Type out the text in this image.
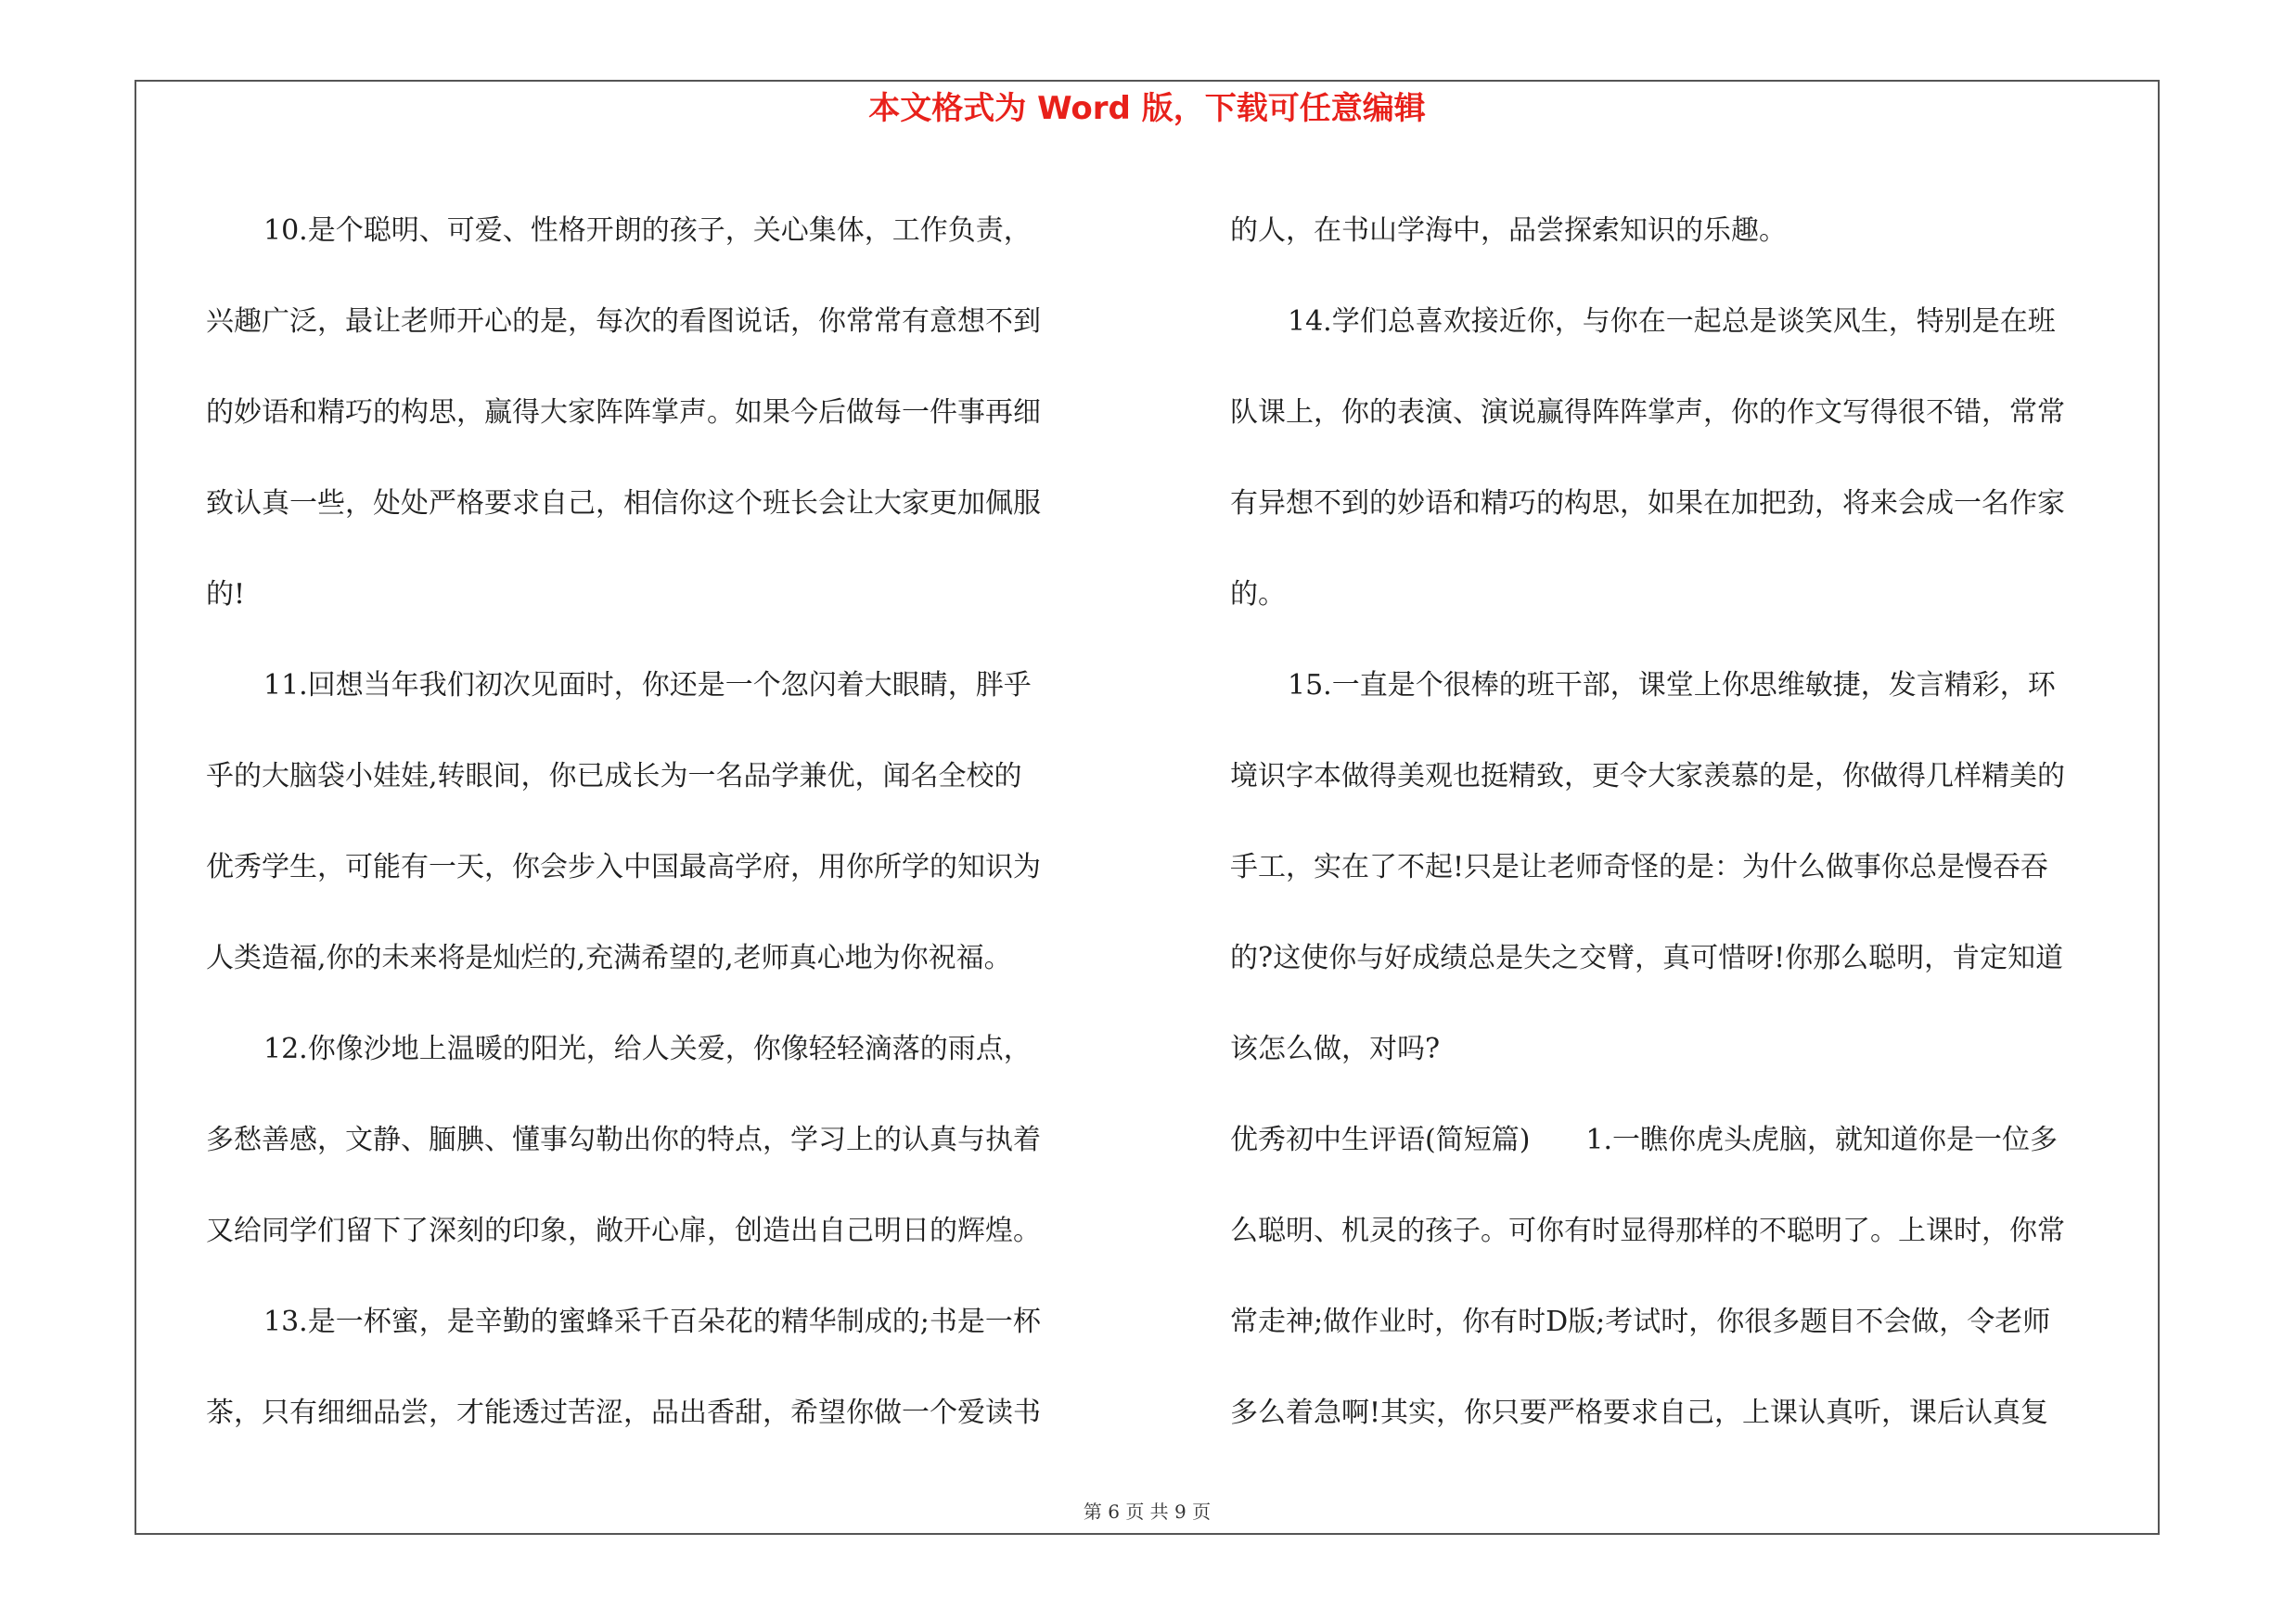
本文格式为 Word 版，下载可任意编辑
10.是个聪明、可爱、性格开朗的孩子，关心集体，工作负责，
兴趣广泛，最让老师开心的是，每次的看图说话，你常常有意想不到
的妙语和精巧的构思，赢得大家阵阵掌声。如果今后做每一件事再细
致认真一些，处处严格要求自己，相信你这个班长会让大家更加佩服
的!
11.回想当年我们初次见面时，你还是一个忽闪着大眼睛，胖乎
乎的大脑袋小娃娃,转眼间，你已成长为一名品学兼优，闻名全校的
优秀学生，可能有一天，你会步入中国最高学府，用你所学的知识为
人类造福,你的未来将是灿烂的,充满希望的,老师真心地为你祝福。
12.你像沙地上温暖的阳光，给人关爱，你像轻轻滴落的雨点，
多愁善感，文静、腼腆、懂事勾勒出你的特点，学习上的认真与执着
又给同学们留下了深刻的印象，敞开心扉，创造出自己明日的辉煌。
13.是一杯蜜，是辛勤的蜜蜂采千百朵花的精华制成的;书是一杯
茶，只有细细品尝，才能透过苦涩，品出香甜，希望你做一个爱读书
的人，在书山学海中，品尝探索知识的乐趣。
14.学们总喜欢接近你，与你在一起总是谈笑风生，特别是在班
队课上，你的表演、演说赢得阵阵掌声，你的作文写得很不错，常常
有异想不到的妙语和精巧的构思，如果在加把劲，将来会成一名作家
的。
15.一直是个很棒的班干部，课堂上你思维敏捷，发言精彩，环
境识字本做得美观也挺精致，更令大家羡慕的是，你做得几样精美的
手工，实在了不起!只是让老师奇怪的是：为什么做事你总是慢吞吞
的?这使你与好成绩总是失之交臂，真可惜呀!你那么聪明，肯定知道
该怎么做，对吗?
优秀初中生评语(简短篇)　　1.一瞧你虎头虎脑，就知道你是一位多
么聪明、机灵的孩子。可你有时显得那样的不聪明了。上课时，你常
常走神;做作业时，你有时D版;考试时，你很多题目不会做，令老师
多么着急啊!其实，你只要严格要求自己，上课认真听，课后认真复
第 6 页 共 9 页
